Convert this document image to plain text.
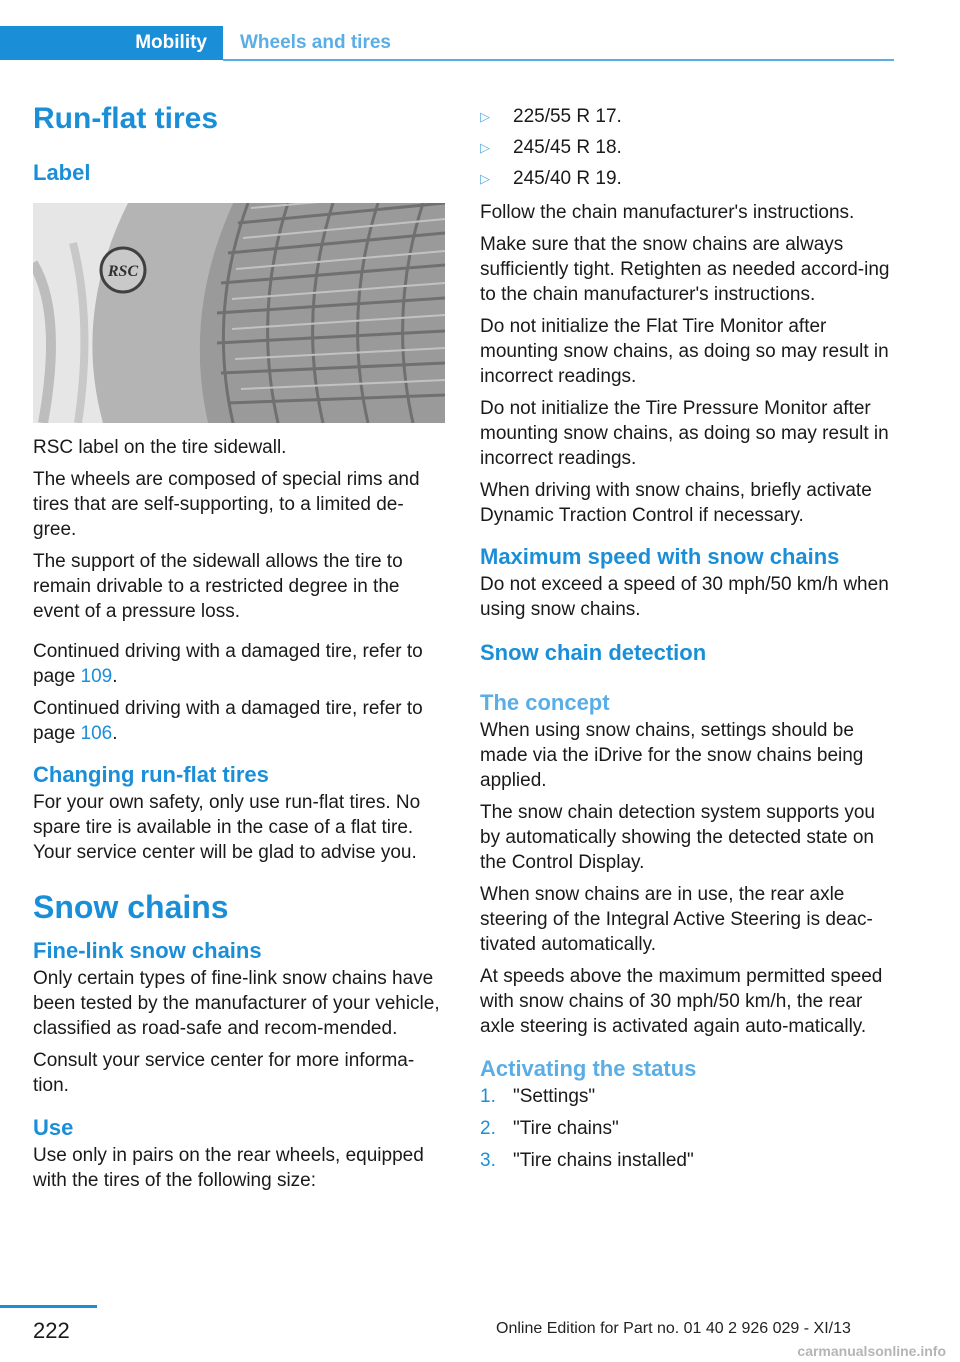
Mobility	Wheels and tires
Run-flat tires
Label
RSC

RSC label on the tire sidewall.

The wheels are composed of special rims and tires that are self-supporting, to a limited de-gree.

The support of the sidewall allows the tire to remain drivable to a restricted degree in the event of a pressure loss.

Continued driving with a damaged tire, refer to page 109.

Continued driving with a damaged tire, refer to page 106.

Changing run-flat tires

For your own safety, only use run-flat tires. No spare tire is available in the case of a flat tire. Your service center will be glad to advise you.

Snow chains
Fine-link snow chains

Only certain types of fine-link snow chains have been tested by the manufacturer of your vehicle, classified as road-safe and recom-mended.

Consult your service center for more informa-tion.

Use

Use only in pairs on the rear wheels, equipped with the tires of the following size:

▷	225/55 R 17.
▷	245/45 R 18.
▷	245/40 R 19.

Follow the chain manufacturer's instructions.

Make sure that the snow chains are always sufficiently tight. Retighten as needed accord-ing to the chain manufacturer's instructions.

Do not initialize the Flat Tire Monitor after mounting snow chains, as doing so may result in incorrect readings.

Do not initialize the Tire Pressure Monitor after mounting snow chains, as doing so may result in incorrect readings.

When driving with snow chains, briefly activate Dynamic Traction Control if necessary.

Maximum speed with snow chains

Do not exceed a speed of 30 mph/50 km/h when using snow chains.

Snow chain detection
The concept

When using snow chains, settings should be made via the iDrive for the snow chains being applied.

The snow chain detection system supports you by automatically showing the detected state on the Control Display.

When snow chains are in use, the rear axle steering of the Integral Active Steering is deac-tivated automatically.

At speeds above the maximum permitted speed with snow chains of 30 mph/50 km/h, the rear axle steering is activated again auto-matically.

Activating the status
1. "Settings"
2. "Tire chains"
3. "Tire chains installed"
222	Online Edition for Part no. 01 40 2 926 029 - XI/13
carmanualsonline.info
